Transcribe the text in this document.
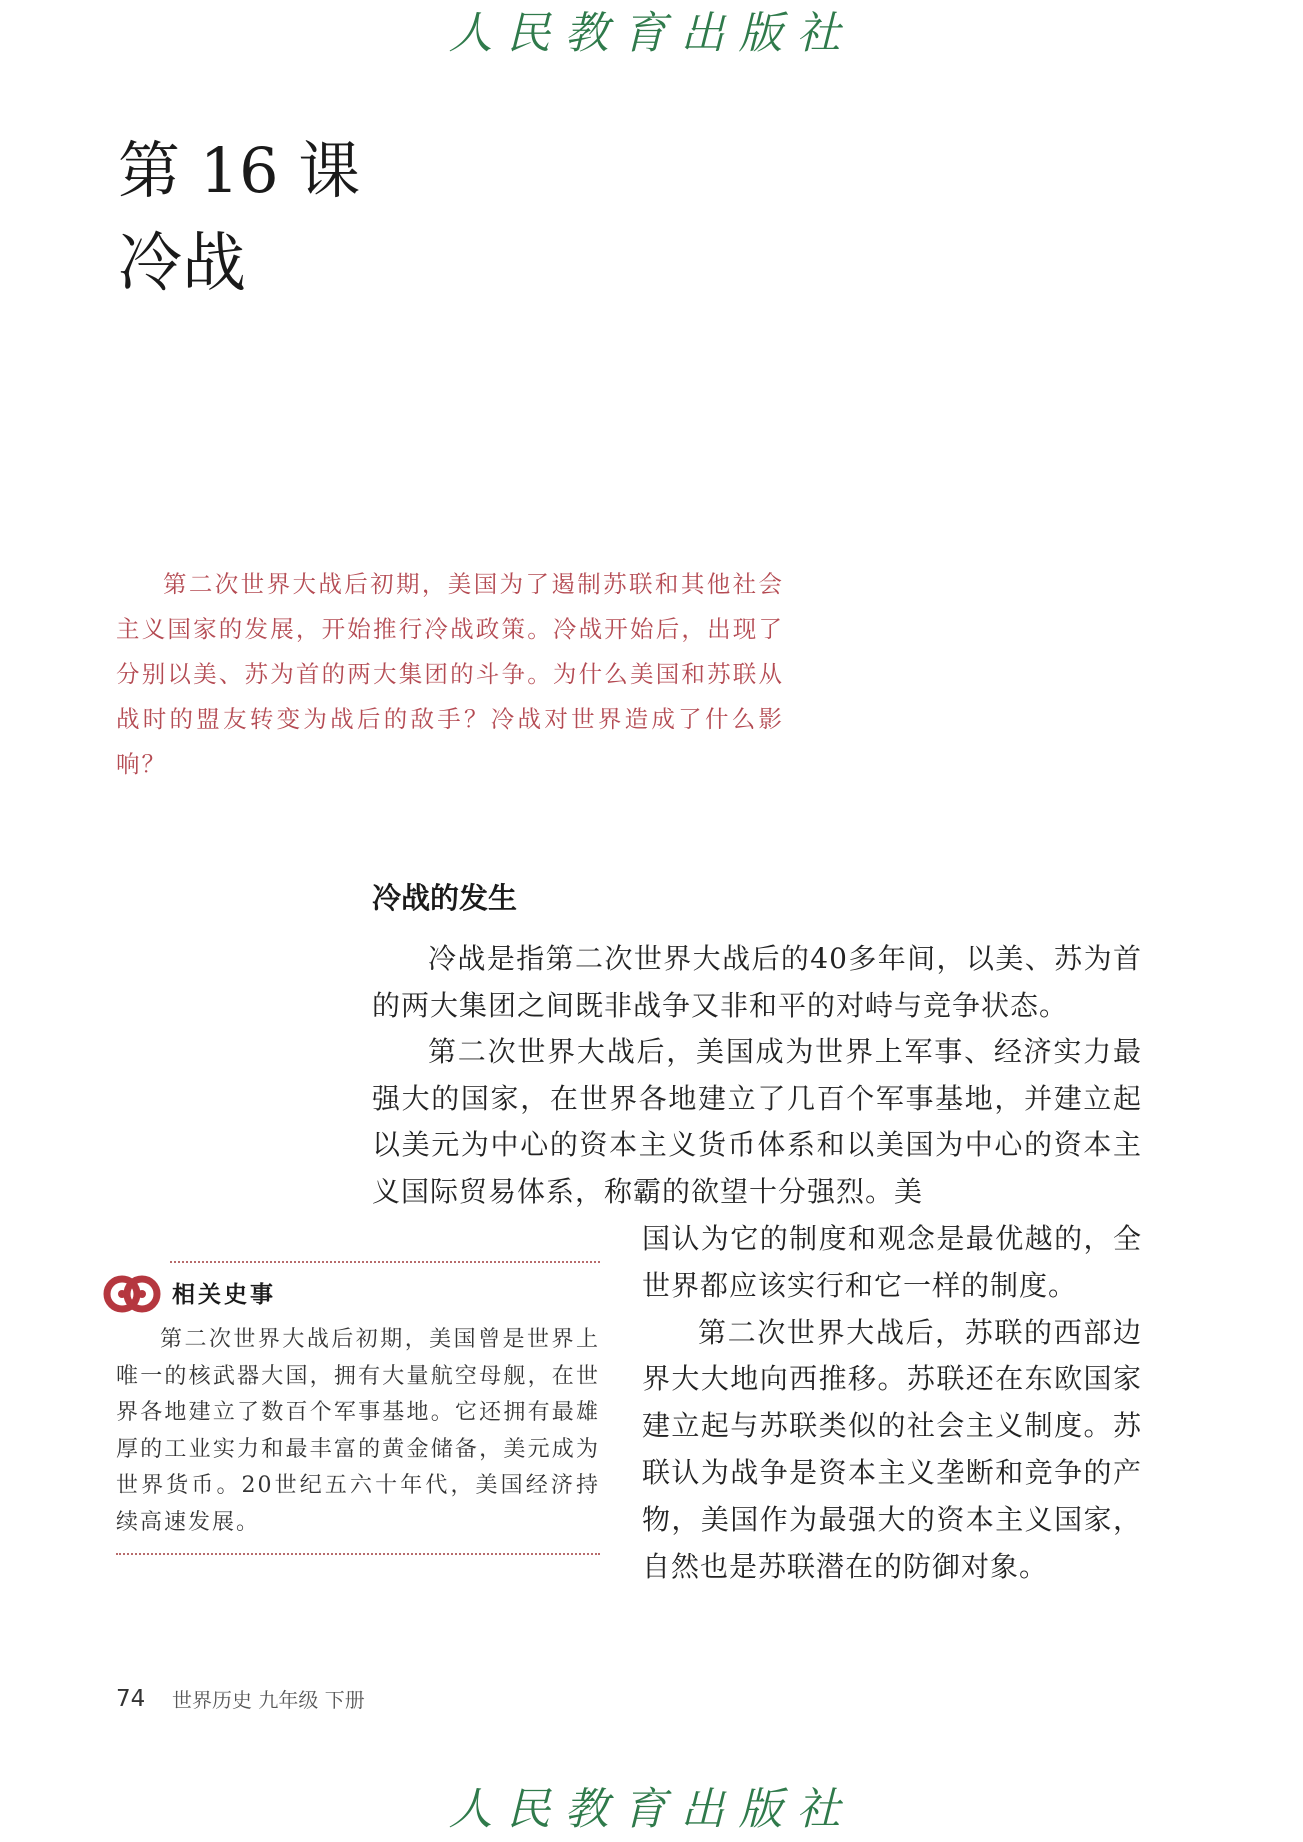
人民教育出版社
第 16 课
冷战

第二次世界大战后初期，美国为了遏制苏联和其他社会主义国家的发展，开始推行冷战政策。冷战开始后，出现了分别以美、苏为首的两大集团的斗争。为什么美国和苏联从战时的盟友转变为战后的敌手？冷战对世界造成了什么影响？

冷战的发生

冷战是指第二次世界大战后的40多年间，以美、苏为首的两大集团之间既非战争又非和平的对峙与竞争状态。

第二次世界大战后，美国成为世界上军事、经济实力最强大的国家，在世界各地建立了几百个军事基地，并建立起以美元为中心的资本主义货币体系和以美国为中心的资本主义国际贸易体系，称霸的欲望十分强烈。美

国认为它的制度和观念是最优越的，全世界都应该实行和它一样的制度。

第二次世界大战后，苏联的西部边界大大地向西推移。苏联还在东欧国家建立起与苏联类似的社会主义制度。苏联认为战争是资本主义垄断和竞争的产物，美国作为最强大的资本主义国家，自然也是苏联潜在的防御对象。

相关史事

第二次世界大战后初期，美国曾是世界上唯一的核武器大国，拥有大量航空母舰，在世界各地建立了数百个军事基地。它还拥有最雄厚的工业实力和最丰富的黄金储备，美元成为世界货币。20世纪五六十年代，美国经济持续高速发展。

74 世界历史 九年级 下册
人民教育出版社
